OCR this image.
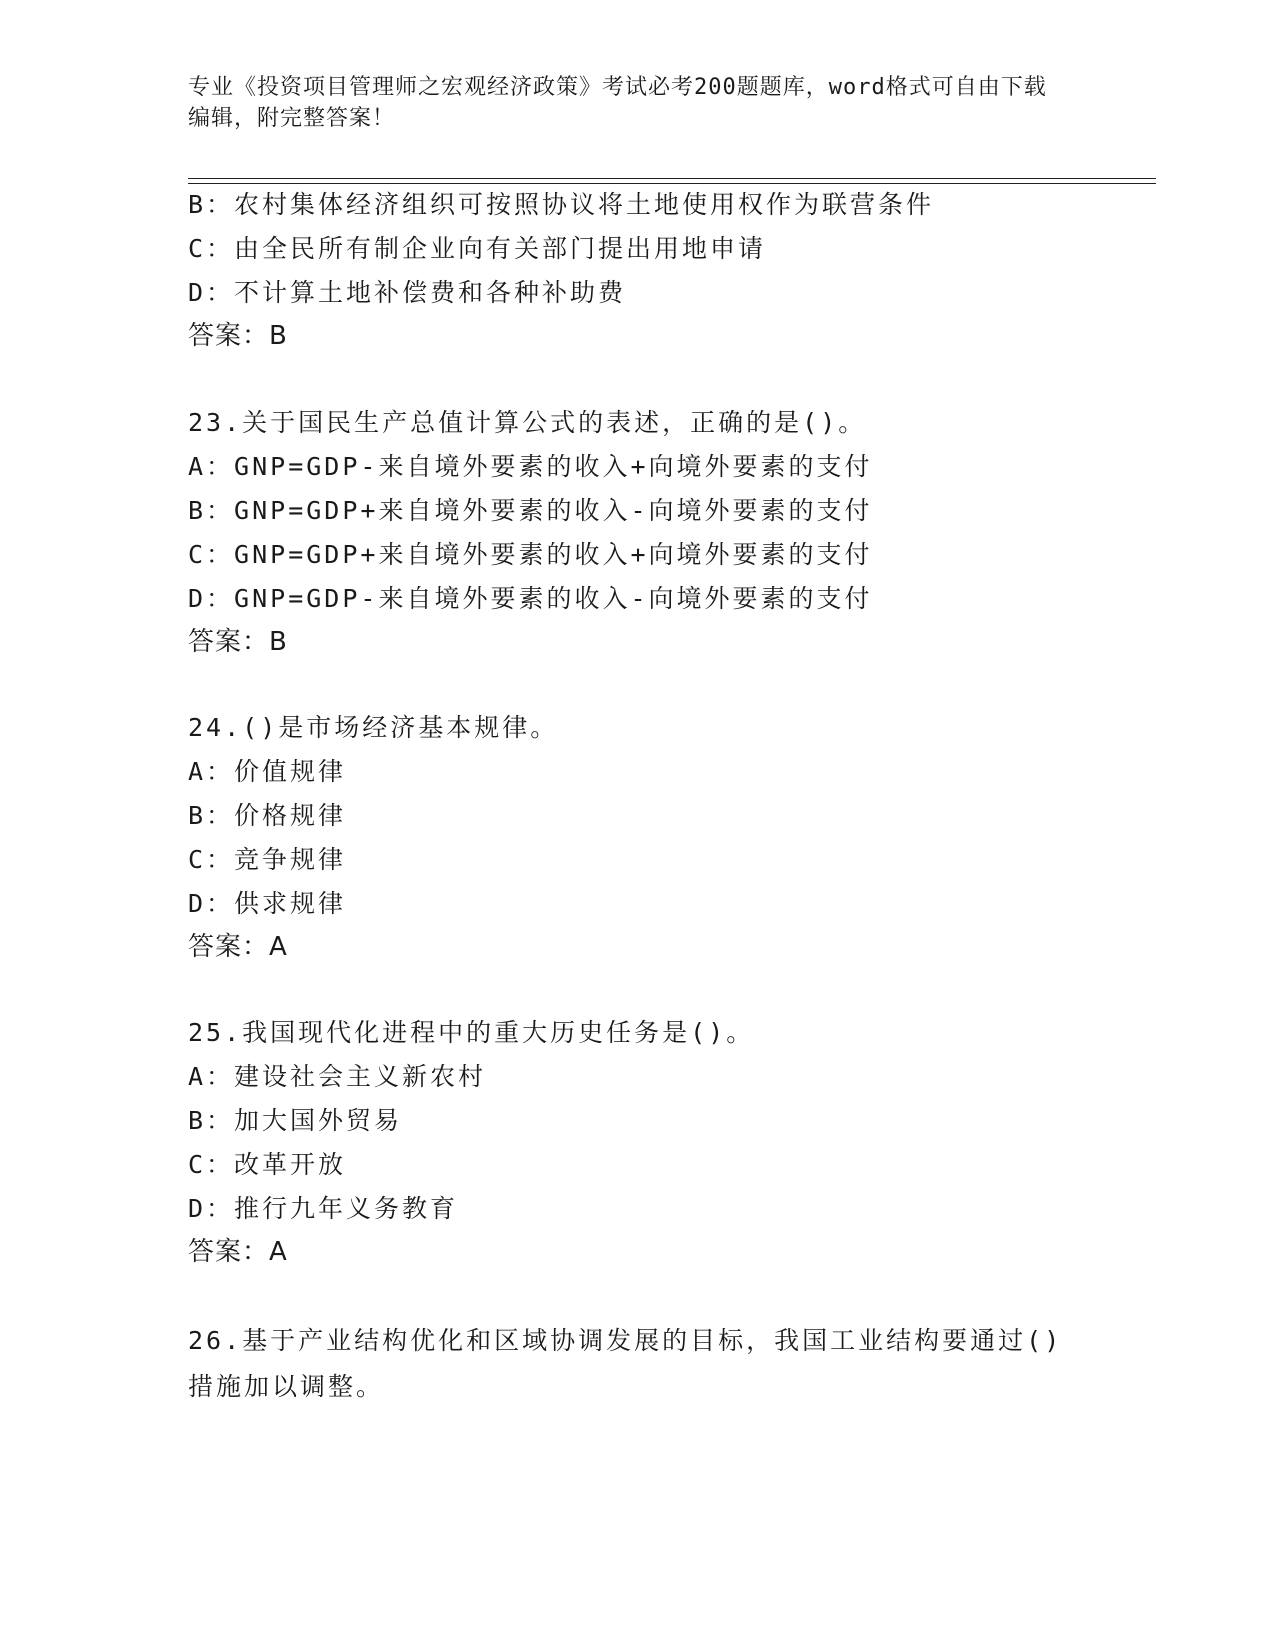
专业《投资项目管理师之宏观经济政策》考试必考200题题库，word格式可自由下载编辑，附完整答案！
B：农村集体经济组织可按照协议将土地使用权作为联营条件
C：由全民所有制企业向有关部门提出用地申请
D：不计算土地补偿费和各种补助费
答案：B
23.关于国民生产总值计算公式的表述，正确的是()。
A：GNP=GDP-来自境外要素的收入+向境外要素的支付
B：GNP=GDP+来自境外要素的收入-向境外要素的支付
C：GNP=GDP+来自境外要素的收入+向境外要素的支付
D：GNP=GDP-来自境外要素的收入-向境外要素的支付
答案：B
24.()是市场经济基本规律。
A：价值规律
B：价格规律
C：竞争规律
D：供求规律
答案：A
25.我国现代化进程中的重大历史任务是()。
A：建设社会主义新农村
B：加大国外贸易
C：改革开放
D：推行九年义务教育
答案：A
26.基于产业结构优化和区域协调发展的目标，我国工业结构要通过()措施加以调整。
